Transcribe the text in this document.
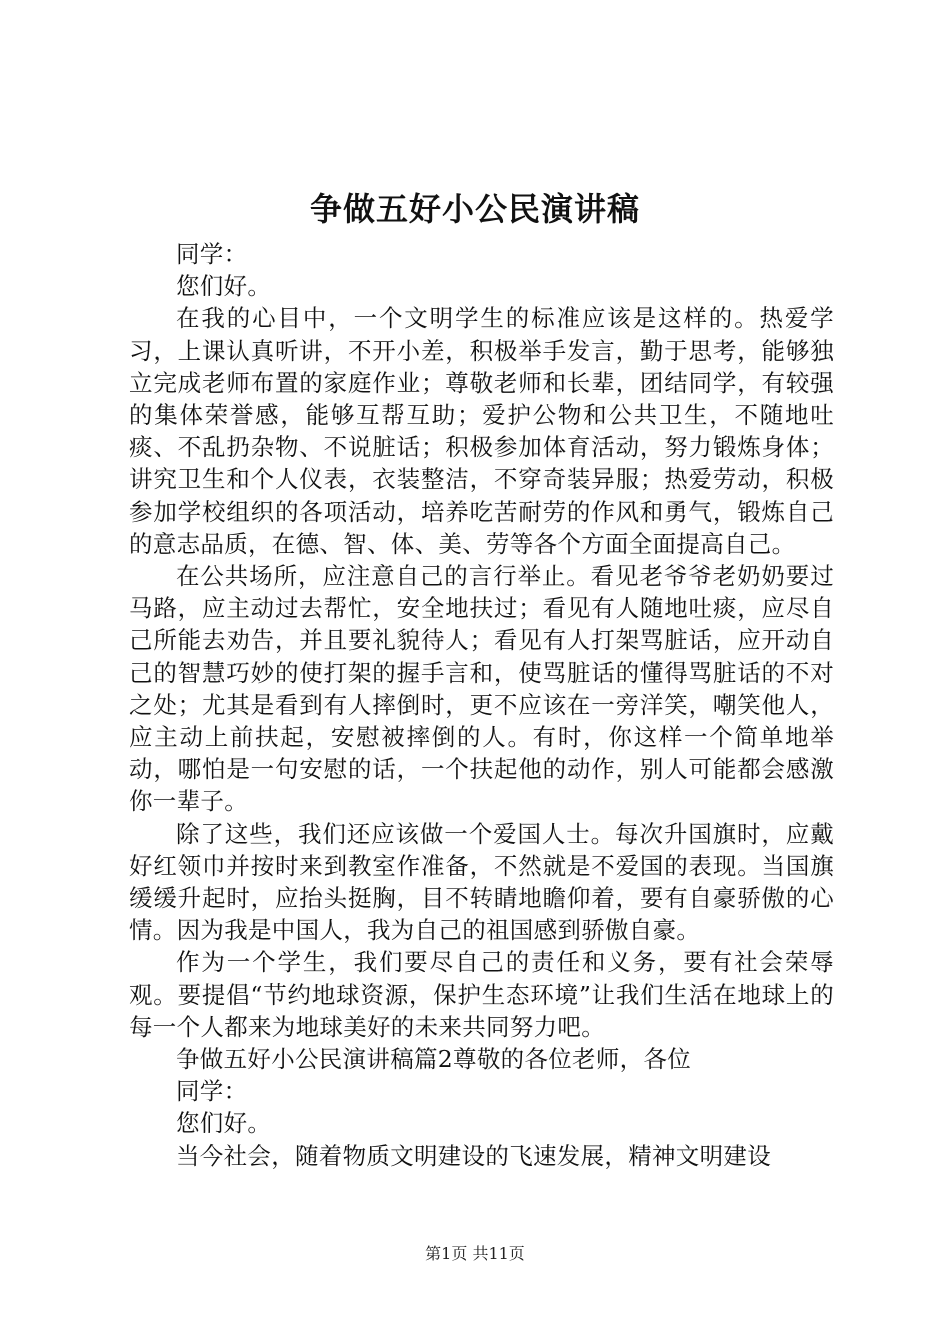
争做五好小公民演讲稿

同学：

您们好。

在我的心目中，一个文明学生的标准应该是这样的。热爱学习，上课认真听讲，不开小差，积极举手发言，勤于思考，能够独立完成老师布置的家庭作业；尊敬老师和长辈，团结同学，有较强的集体荣誉感，能够互帮互助；爱护公物和公共卫生，不随地吐痰、不乱扔杂物、不说脏话；积极参加体育活动，努力锻炼身体；讲究卫生和个人仪表，衣装整洁，不穿奇装异服；热爱劳动，积极参加学校组织的各项活动，培养吃苦耐劳的作风和勇气，锻炼自己的意志品质，在德、智、体、美、劳等各个方面全面提高自己。

在公共场所，应注意自己的言行举止。看见老爷爷老奶奶要过马路，应主动过去帮忙，安全地扶过；看见有人随地吐痰，应尽自己所能去劝告，并且要礼貌待人；看见有人打架骂脏话，应开动自己的智慧巧妙的使打架的握手言和，使骂脏话的懂得骂脏话的不对之处；尤其是看到有人摔倒时，更不应该在一旁洋笑，嘲笑他人，应主动上前扶起，安慰被摔倒的人。有时，你这样一个简单地举动，哪怕是一句安慰的话，一个扶起他的动作，别人可能都会感激你一辈子。

除了这些，我们还应该做一个爱国人士。每次升国旗时，应戴好红领巾并按时来到教室作准备，不然就是不爱国的表现。当国旗缓缓升起时，应抬头挺胸，目不转睛地瞻仰着，要有自豪骄傲的心情。因为我是中国人，我为自己的祖国感到骄傲自豪。

作为一个学生，我们要尽自己的责任和义务，要有社会荣辱观。要提倡“节约地球资源，保护生态环境”让我们生活在地球上的每一个人都来为地球美好的未来共同努力吧。

争做五好小公民演讲稿篇2尊敬的各位老师，各位

同学：

您们好。

当今社会，随着物质文明建设的飞速发展，精神文明建设

第1页 共11页
